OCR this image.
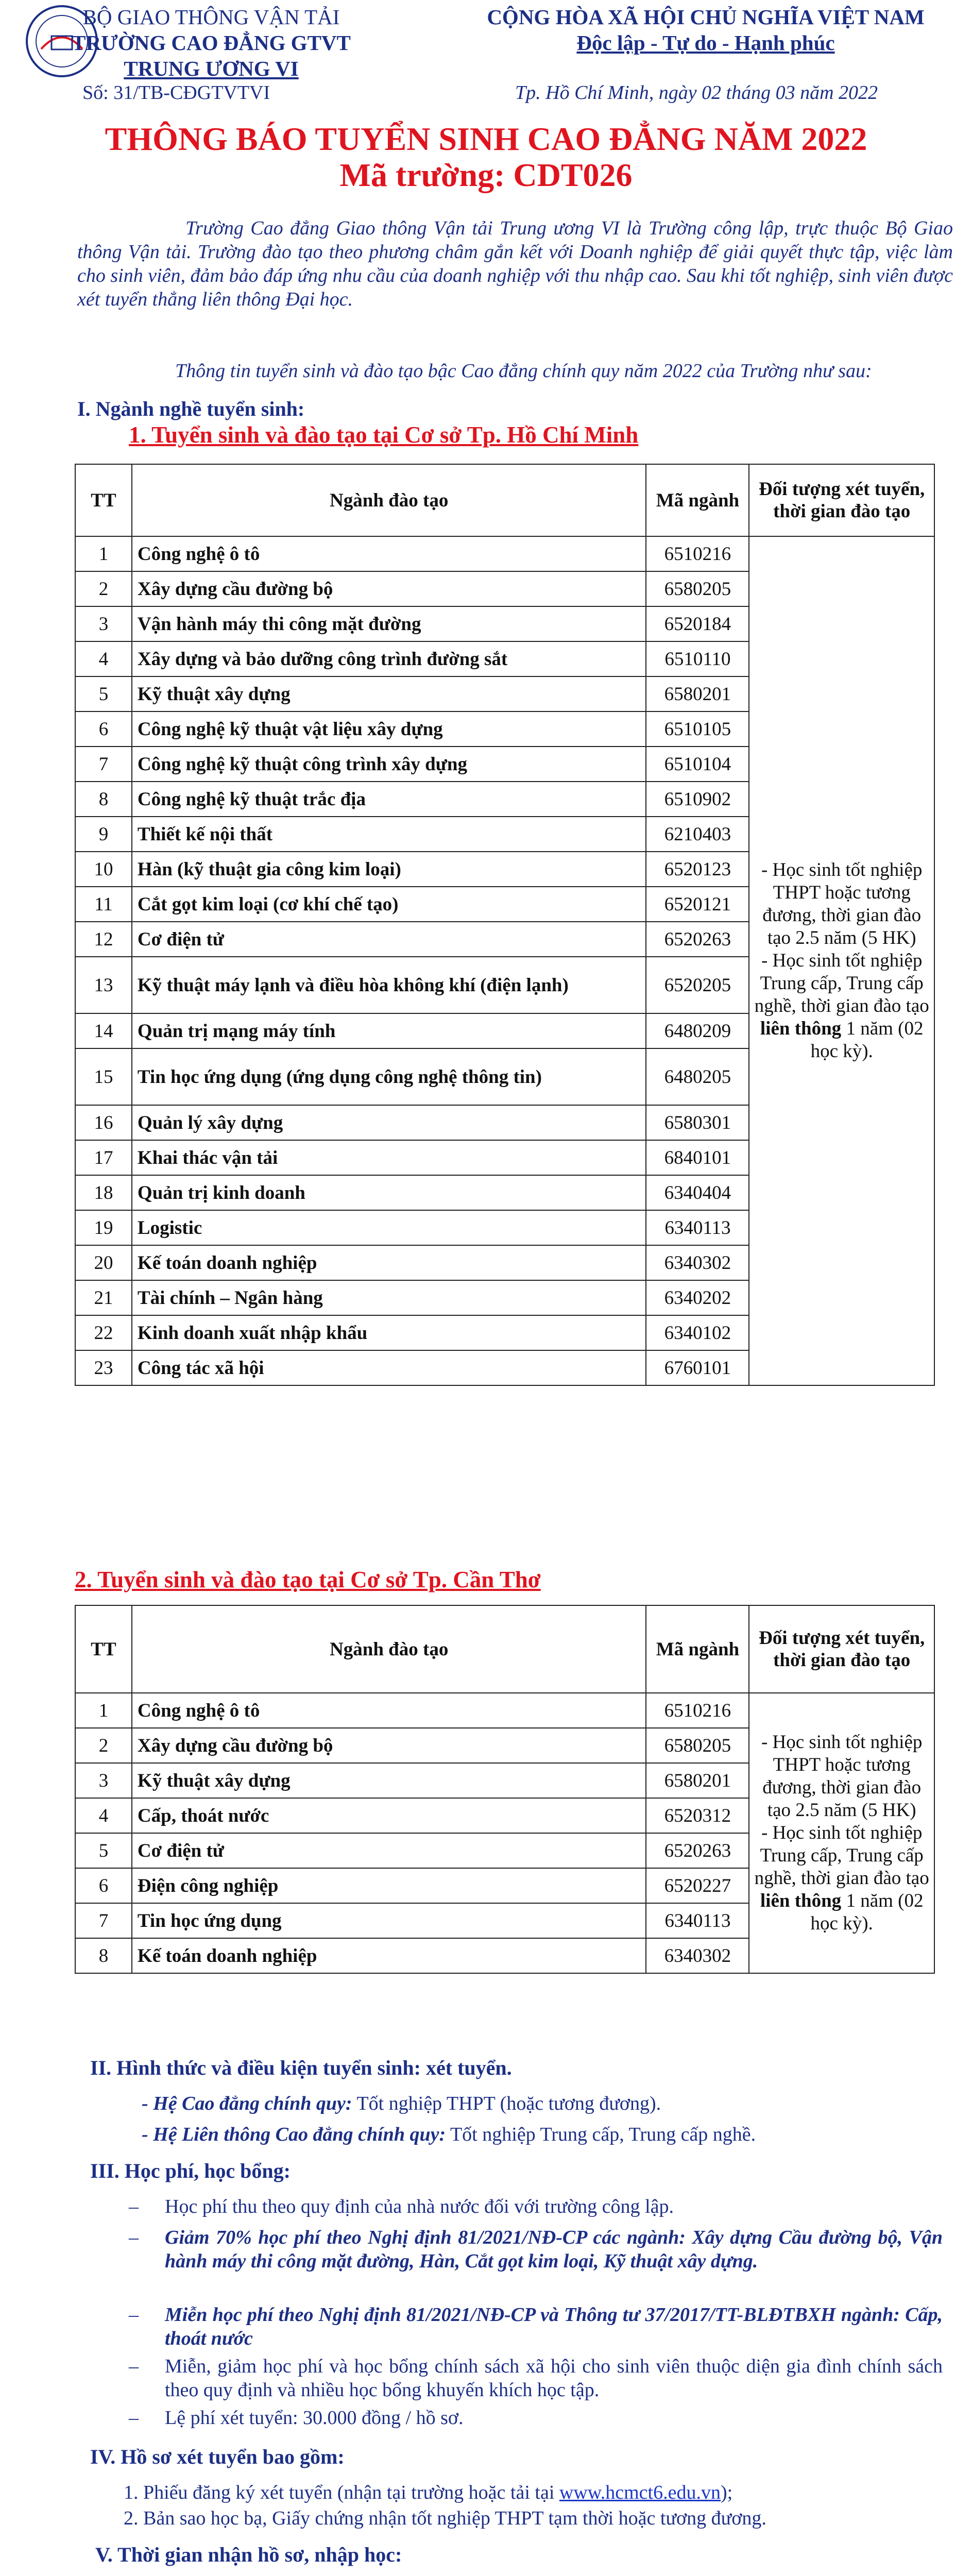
BỘ GIAO THÔNG VẬN TẢI
TRƯỜNG CAO ĐẲNG GTVT
TRUNG ƯƠNG VI
CỘNG HÒA XÃ HỘI CHỦ NGHĨA VIỆT NAM
Độc lập - Tự do - Hạnh phúc
Số: 31/TB-CĐGTVTVI	Tp. Hồ Chí Minh, ngày 02 tháng 03 năm 2022
THÔNG BÁO TUYỂN SINH CAO ĐẲNG NĂM 2022
Mã trường: CDT026
Trường Cao đẳng Giao thông Vận tải Trung ương VI là Trường công lập, trực thuộc Bộ Giao thông Vận tải. Trường đào tạo theo phương châm gắn kết với Doanh nghiệp để giải quyết thực tập, việc làm cho sinh viên, đảm bảo đáp ứng nhu cầu của doanh nghiệp với thu nhập cao. Sau khi tốt nghiệp, sinh viên được xét tuyển thẳng liên thông Đại học.
Thông tin tuyển sinh và đào tạo bậc Cao đẳng chính quy năm 2022 của Trường như sau:
I. Ngành nghề tuyển sinh:
1. Tuyển sinh và đào tạo tại Cơ sở Tp. Hồ Chí Minh
TT	Ngành đào tạo	Mã ngành	Đối tượng xét tuyển, thời gian đào tạo
1	Công nghệ ô tô	6510216	- Học sinh tốt nghiệp THPT hoặc tương đương, thời gian đào tạo 2.5 năm (5 HK)
- Học sinh tốt nghiệp Trung cấp, Trung cấp nghề, thời gian đào tạo liên thông 1 năm (02 học kỳ).

2	Xây dựng cầu đường bộ	6580205	
3	Vận hành máy thi công mặt đường	6520184	
4	Xây dựng và bảo dưỡng công trình đường sắt	6510110	
5	Kỹ thuật xây dựng	6580201	
6	Công nghệ kỹ thuật vật liệu xây dựng	6510105	
7	Công nghệ kỹ thuật công trình xây dựng	6510104	
8	Công nghệ kỹ thuật trắc địa	6510902	
9	Thiết kế nội thất	6210403	
10	Hàn (kỹ thuật gia công kim loại)	6520123	
11	Cắt gọt kim loại (cơ khí chế tạo)	6520121	
12	Cơ điện tử	6520263	
13	Kỹ thuật máy lạnh và điều hòa không khí (điện lạnh)	6520205	
14	Quản trị mạng máy tính	6480209	
15	Tin học ứng dụng (ứng dụng công nghệ thông tin)	6480205	
16	Quản lý xây dựng	6580301	
17	Khai thác vận tải	6840101	
18	Quản trị kinh doanh	6340404	
19	Logistic	6340113	
20	Kế toán doanh nghiệp	6340302	
21	Tài chính – Ngân hàng	6340202	
22	Kinh doanh xuất nhập khẩu	6340102	
23	Công tác xã hội	6760101	
2. Tuyển sinh và đào tạo tại Cơ sở Tp. Cần Thơ
TT	Ngành đào tạo	Mã ngành	Đối tượng xét tuyển, thời gian đào tạo
1	Công nghệ ô tô	6510216	- Học sinh tốt nghiệp THPT hoặc tương đương, thời gian đào tạo 2.5 năm (5 HK)
- Học sinh tốt nghiệp Trung cấp, Trung cấp nghề, thời gian đào tạo liên thông 1 năm (02 học kỳ).

2	Xây dựng cầu đường bộ	6580205	
3	Kỹ thuật xây dựng	6580201	
4	Cấp, thoát nước	6520312	
5	Cơ điện tử	6520263	
6	Điện công nghiệp	6520227	
7	Tin học ứng dụng	6340113	
8	Kế toán doanh nghiệp	6340302	
II. Hình thức và điều kiện tuyển sinh: xét tuyển.
- Hệ Cao đẳng chính quy: Tốt nghiệp THPT (hoặc tương đương).
- Hệ Liên thông Cao đẳng chính quy: Tốt nghiệp Trung cấp, Trung cấp nghề.
III. Học phí, học bổng:
– Học phí thu theo quy định của nhà nước đối với trường công lập.
– Giảm 70% học phí theo Nghị định 81/2021/NĐ-CP các ngành: Xây dựng Cầu đường bộ, Vận hành máy thi công mặt đường, Hàn, Cắt gọt kim loại, Kỹ thuật xây dựng.
– Miễn học phí theo Nghị định 81/2021/NĐ-CP và Thông tư 37/2017/TT-BLĐTBXH ngành: Cấp, thoát nước
– Miễn, giảm học phí và học bổng chính sách xã hội cho sinh viên thuộc diện gia đình chính sách theo quy định và nhiều học bổng khuyến khích học tập.
– Lệ phí xét tuyển: 30.000 đồng / hồ sơ.
IV. Hồ sơ xét tuyển bao gồm:
1. Phiếu đăng ký xét tuyển (nhận tại trường hoặc tải tại www.hcmct6.edu.vn);
2. Bản sao học bạ, Giấy chứng nhận tốt nghiệp THPT tạm thời hoặc tương đương.
V. Thời gian nhận hồ sơ, nhập học:
